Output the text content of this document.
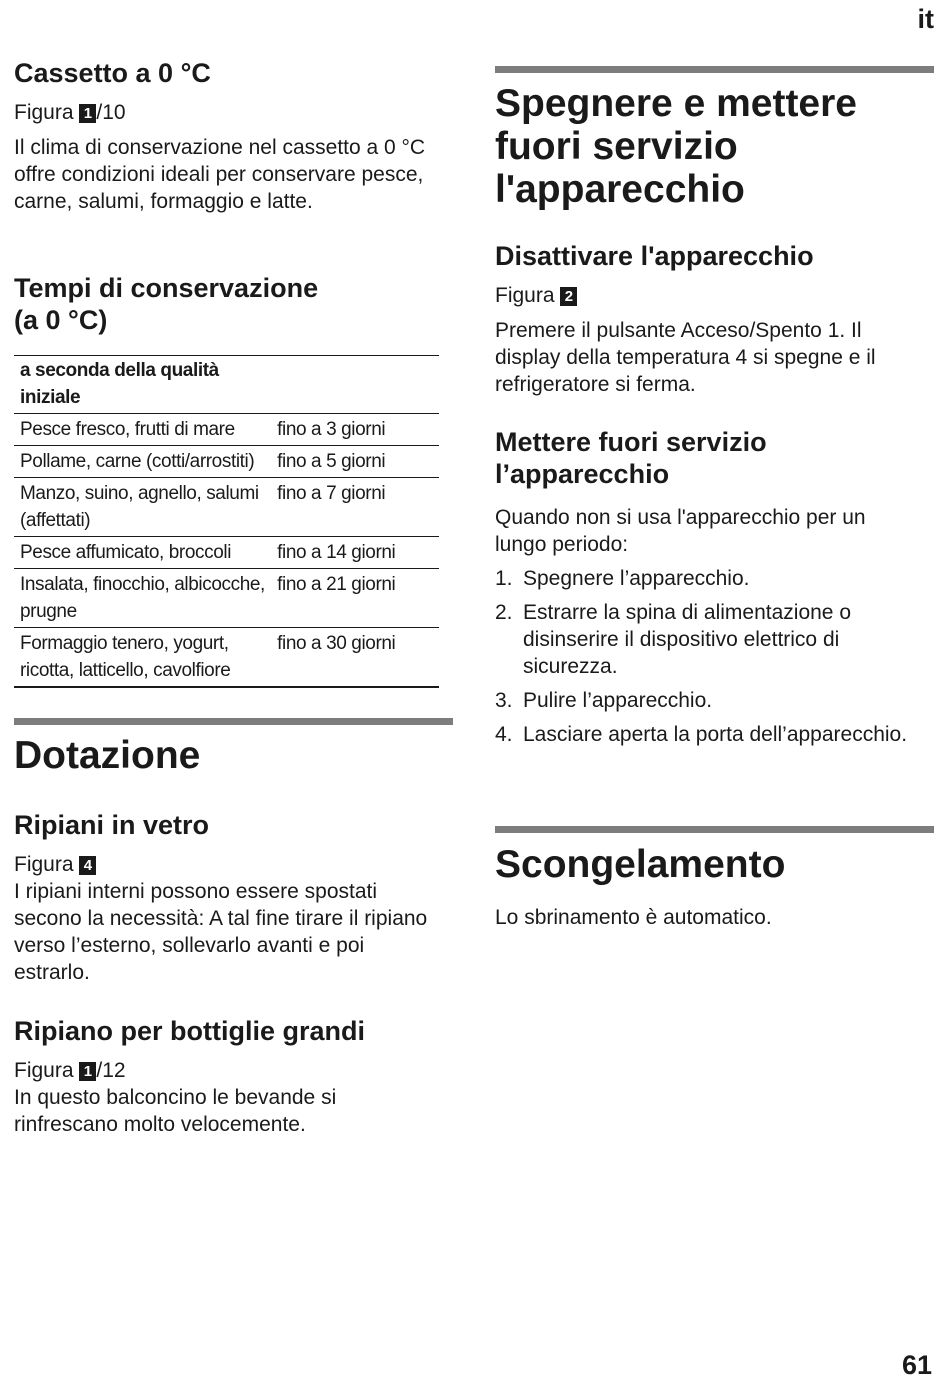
it
Cassetto a 0 °C
Figura 1 /10

Il clima di conservazione nel cassetto a 0 °C offre condizioni ideali per conservare pesce, carne, salumi, formaggio e latte.

Tempi di conservazione
(a 0 °C)
a seconda della qualità iniziale	
Pesce fresco, frutti di mare	fino a 3 giorni
Pollame, carne (cotti/arrostiti)	fino a 5 giorni
Manzo, suino, agnello, salumi (affettati)	fino a 7 giorni
Pesce affumicato, broccoli	fino a 14 giorni
Insalata, finocchio, albicocche, prugne	fino a 21 giorni
Formaggio tenero, yogurt, ricotta, latticello, cavolfiore	fino a 30 giorni
Dotazione
Ripiani in vetro
Figura 4

I ripiani interni possono essere spostati secono la necessità: A tal fine tirare il ripiano verso l’esterno, sollevarlo avanti e poi estrarlo.

Ripiano per bottiglie grandi
Figura 1 /12

In questo balconcino le bevande si rinfrescano molto velocemente.

Spegnere e mettere
fuori servizio
l'apparecchio
Disattivare l'apparecchio
Figura 2

Premere il pulsante Acceso/Spento 1. Il display della temperatura 4 si spegne e il refrigeratore si ferma.

Mettere fuori servizio
l’apparecchio

Quando non si usa l'apparecchio per un lungo periodo:

1. Spegnere l’apparecchio.
2. Estrarre la spina di alimentazione o disinserire il dispositivo elettrico di sicurezza.
3. Pulire l’apparecchio.
4. Lasciare aperta la porta dell’apparecchio.
Scongelamento

Lo sbrinamento è automatico.

61
